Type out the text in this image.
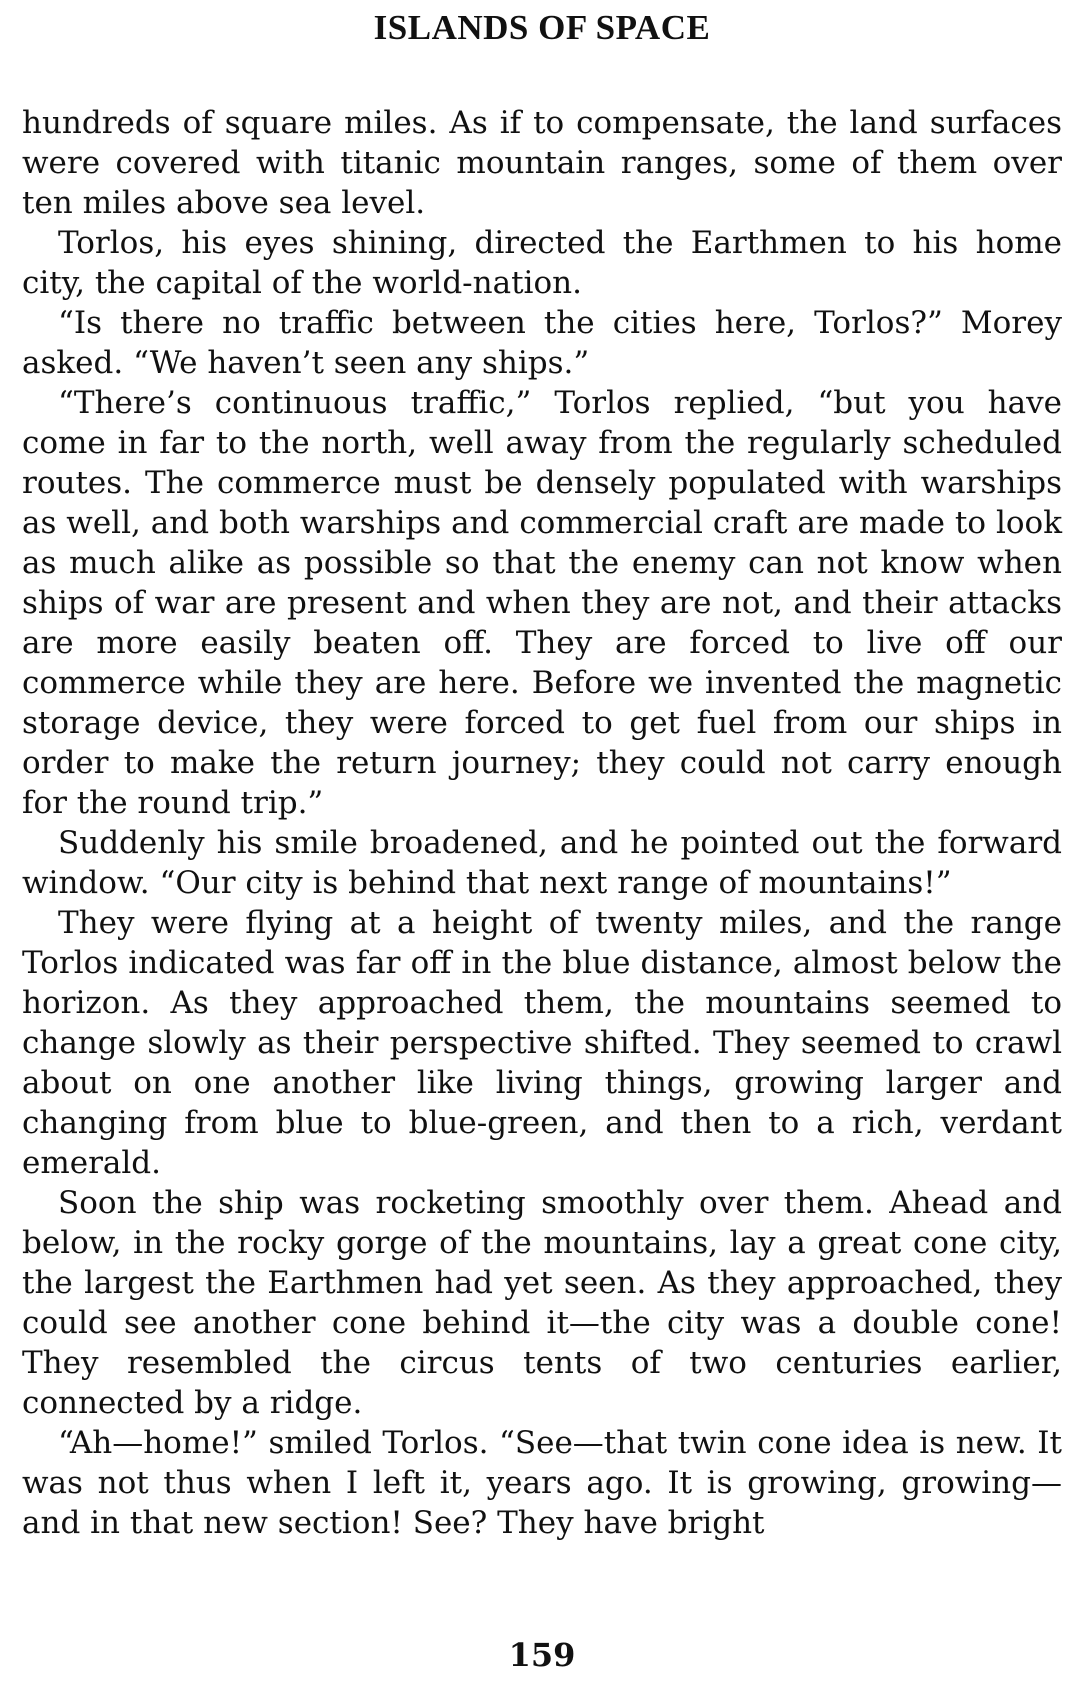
ISLANDS OF SPACE

hundreds of square miles. As if to compensate, the land surfaces were covered with titanic mountain ranges, some of them over ten miles above sea level.

Torlos, his eyes shining, directed the Earthmen to his home city, the capital of the world-nation.

“Is there no traffic between the cities here, Torlos?” Morey asked. “We haven’t seen any ships.”

“There’s continuous traffic,” Torlos replied, “but you have come in far to the north, well away from the regularly scheduled routes. The commerce must be densely populated with warships as well, and both warships and commercial craft are made to look as much alike as possible so that the enemy can not know when ships of war are present and when they are not, and their attacks are more easily beaten off. They are forced to live off our commerce while they are here. Before we invented the magnetic storage device, they were forced to get fuel from our ships in order to make the return journey; they could not carry enough for the round trip.”

Suddenly his smile broadened, and he pointed out the forward window. “Our city is behind that next range of mountains!”

They were flying at a height of twenty miles, and the range Torlos indicated was far off in the blue distance, almost below the horizon. As they approached them, the mountains seemed to change slowly as their perspective shifted. They seemed to crawl about on one another like living things, growing larger and changing from blue to blue-green, and then to a rich, verdant emerald.

Soon the ship was rocketing smoothly over them. Ahead and below, in the rocky gorge of the mountains, lay a great cone city, the largest the Earthmen had yet seen. As they approached, they could see another cone behind it—the city was a double cone! They resembled the circus tents of two centuries earlier, connected by a ridge.

“Ah—home!” smiled Torlos. “See—that twin cone idea is new. It was not thus when I left it, years ago. It is growing, growing—and in that new section! See? They have bright

159
